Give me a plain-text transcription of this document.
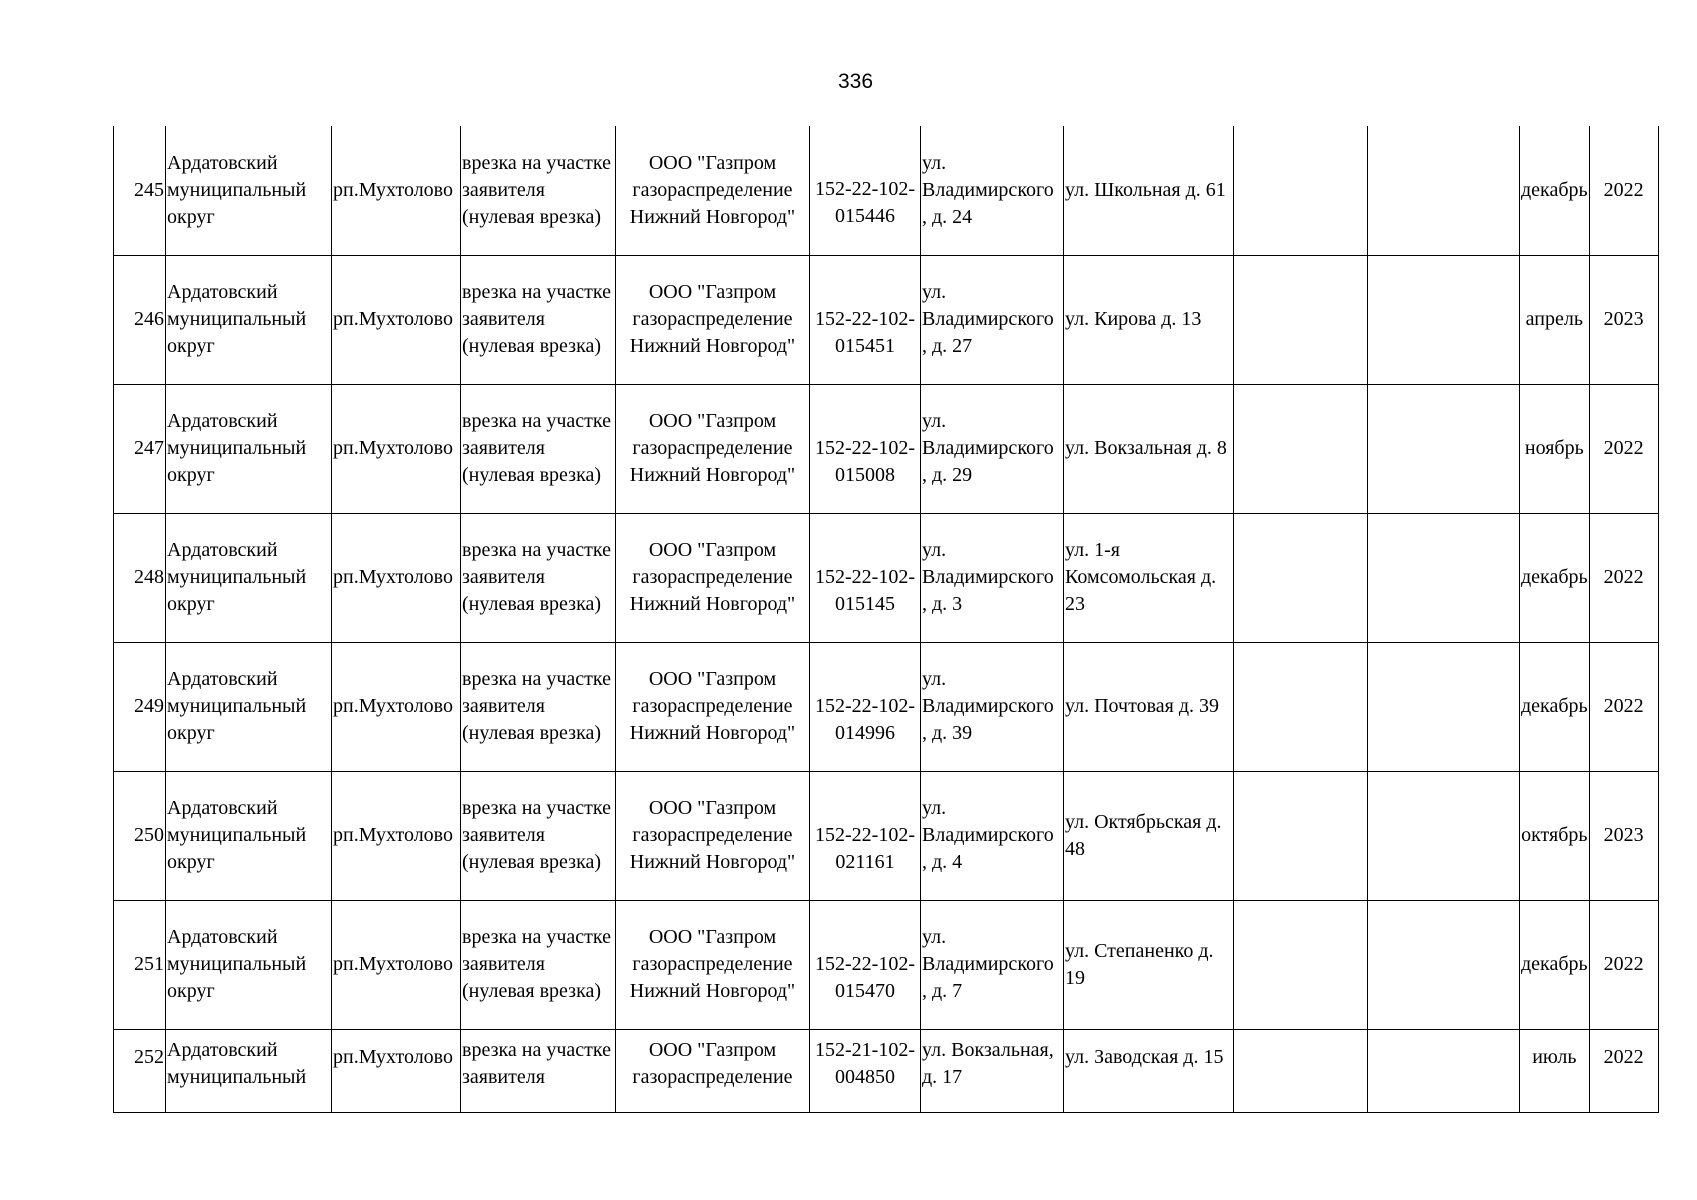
336
245	Ардатовский муниципальный округ	рп.Мухтолово	врезка на участке заявителя (нулевая врезка)	ООО "Газпром газораспределение Нижний Новгород"	152-22-102-015446	ул. Владимирского , д. 24	ул. Школьная д. 61			декабрь	2022
246	Ардатовский муниципальный округ	рп.Мухтолово	врезка на участке заявителя (нулевая врезка)	ООО "Газпром газораспределение Нижний Новгород"	152-22-102-015451	ул. Владимирского , д. 27	ул. Кирова д. 13			апрель	2023
247	Ардатовский муниципальный округ	рп.Мухтолово	врезка на участке заявителя (нулевая врезка)	ООО "Газпром газораспределение Нижний Новгород"	152-22-102-015008	ул. Владимирского , д. 29	ул. Вокзальная д. 8			ноябрь	2022
248	Ардатовский муниципальный округ	рп.Мухтолово	врезка на участке заявителя (нулевая врезка)	ООО "Газпром газораспределение Нижний Новгород"	152-22-102-015145	ул. Владимирского , д. 3	ул. 1-я Комсомольская д. 23			декабрь	2022
249	Ардатовский муниципальный округ	рп.Мухтолово	врезка на участке заявителя (нулевая врезка)	ООО "Газпром газораспределение Нижний Новгород"	152-22-102-014996	ул. Владимирского , д. 39	ул. Почтовая д. 39			декабрь	2022
250	Ардатовский муниципальный округ	рп.Мухтолово	врезка на участке заявителя (нулевая врезка)	ООО "Газпром газораспределение Нижний Новгород"	152-22-102-021161	ул. Владимирского , д. 4	ул. Октябрьская д. 48			октябрь	2023
251	Ардатовский муниципальный округ	рп.Мухтолово	врезка на участке заявителя (нулевая врезка)	ООО "Газпром газораспределение Нижний Новгород"	152-22-102-015470	ул. Владимирского , д. 7	ул. Степаненко д. 19			декабрь	2022
252	Ардатовский муниципальный	рп.Мухтолово	врезка на участке заявителя	ООО "Газпром газораспределение	152-21-102-004850	ул. Вокзальная, д. 17	ул. Заводская д. 15			июль	2022
